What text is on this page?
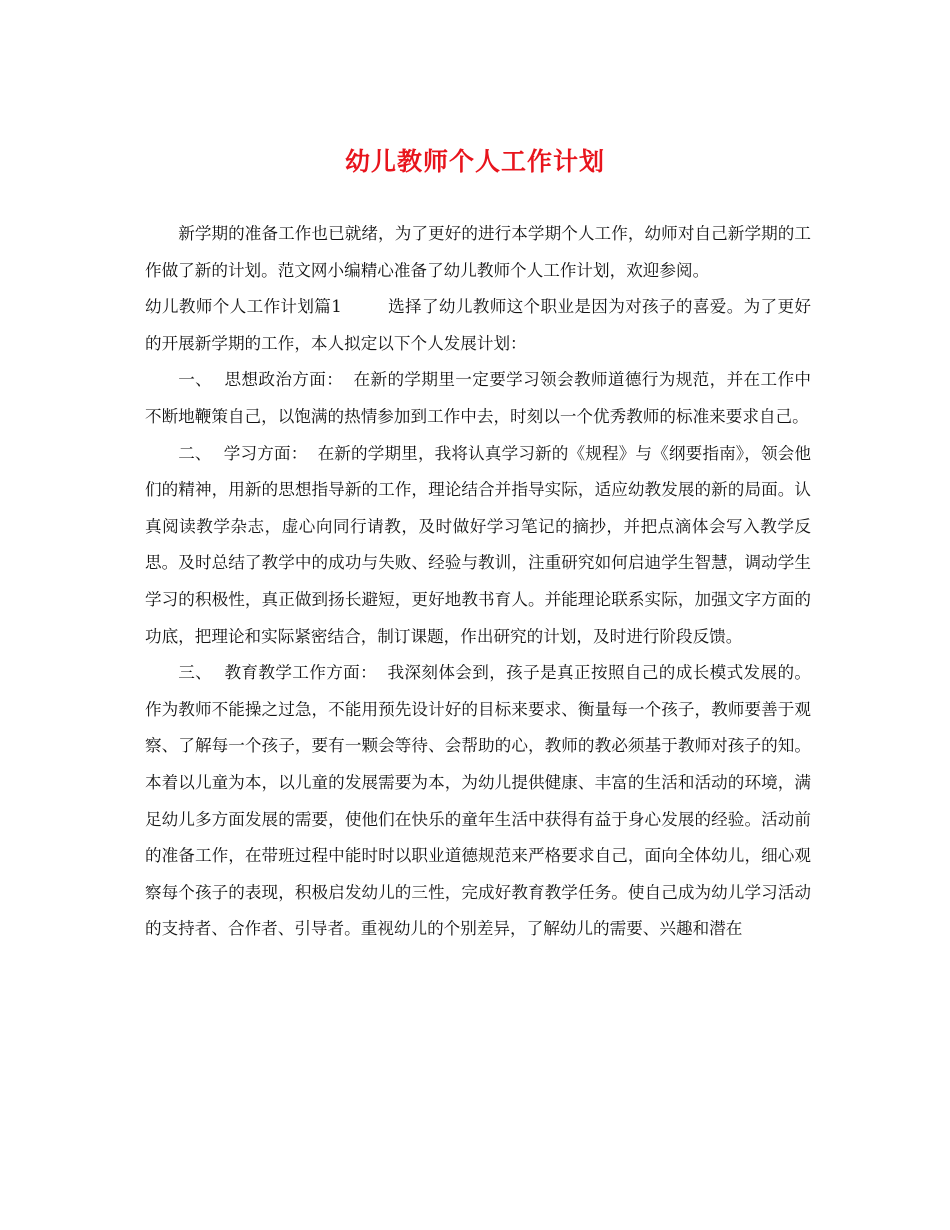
幼儿教师个人工作计划

新学期的准备工作也已就绪，为了更好的进行本学期个人工作，幼师对自己新学期的工作做了新的计划。范文网小编精心准备了幼儿教师个人工作计划，欢迎参阅。

幼儿教师个人工作计划篇1	选择了幼儿教师这个职业是因为对孩子的喜爱。为了更好的开展新学期的工作，本人拟定以下个人发展计划：

一、 思想政治方面： 在新的学期里一定要学习领会教师道德行为规范，并在工作中不断地鞭策自己，以饱满的热情参加到工作中去，时刻以一个优秀教师的标准来要求自己。

二、 学习方面： 在新的学期里，我将认真学习新的《规程》与《纲要指南》，领会他们的精神，用新的思想指导新的工作，理论结合并指导实际，适应幼教发展的新的局面。认真阅读教学杂志，虚心向同行请教，及时做好学习笔记的摘抄，并把点滴体会写入教学反思。及时总结了教学中的成功与失败、经验与教训，注重研究如何启迪学生智慧，调动学生学习的积极性，真正做到扬长避短，更好地教书育人。并能理论联系实际，加强文字方面的功底，把理论和实际紧密结合，制订课题，作出研究的计划，及时进行阶段反馈。

三、 教育教学工作方面： 我深刻体会到，孩子是真正按照自己的成长模式发展的。作为教师不能操之过急，不能用预先设计好的目标来要求、衡量每一个孩子，教师要善于观察、了解每一个孩子，要有一颗会等待、会帮助的心，教师的教必须基于教师对孩子的知。本着以儿童为本，以儿童的发展需要为本，为幼儿提供健康、丰富的生活和活动的环境，满足幼儿多方面发展的需要，使他们在快乐的童年生活中获得有益于身心发展的经验。活动前的准备工作，在带班过程中能时时以职业道德规范来严格要求自己，面向全体幼儿，细心观察每个孩子的表现，积极启发幼儿的三性，完成好教育教学任务。使自己成为幼儿学习活动的支持者、合作者、引导者。重视幼儿的个别差异，了解幼儿的需要、兴趣和潜在
